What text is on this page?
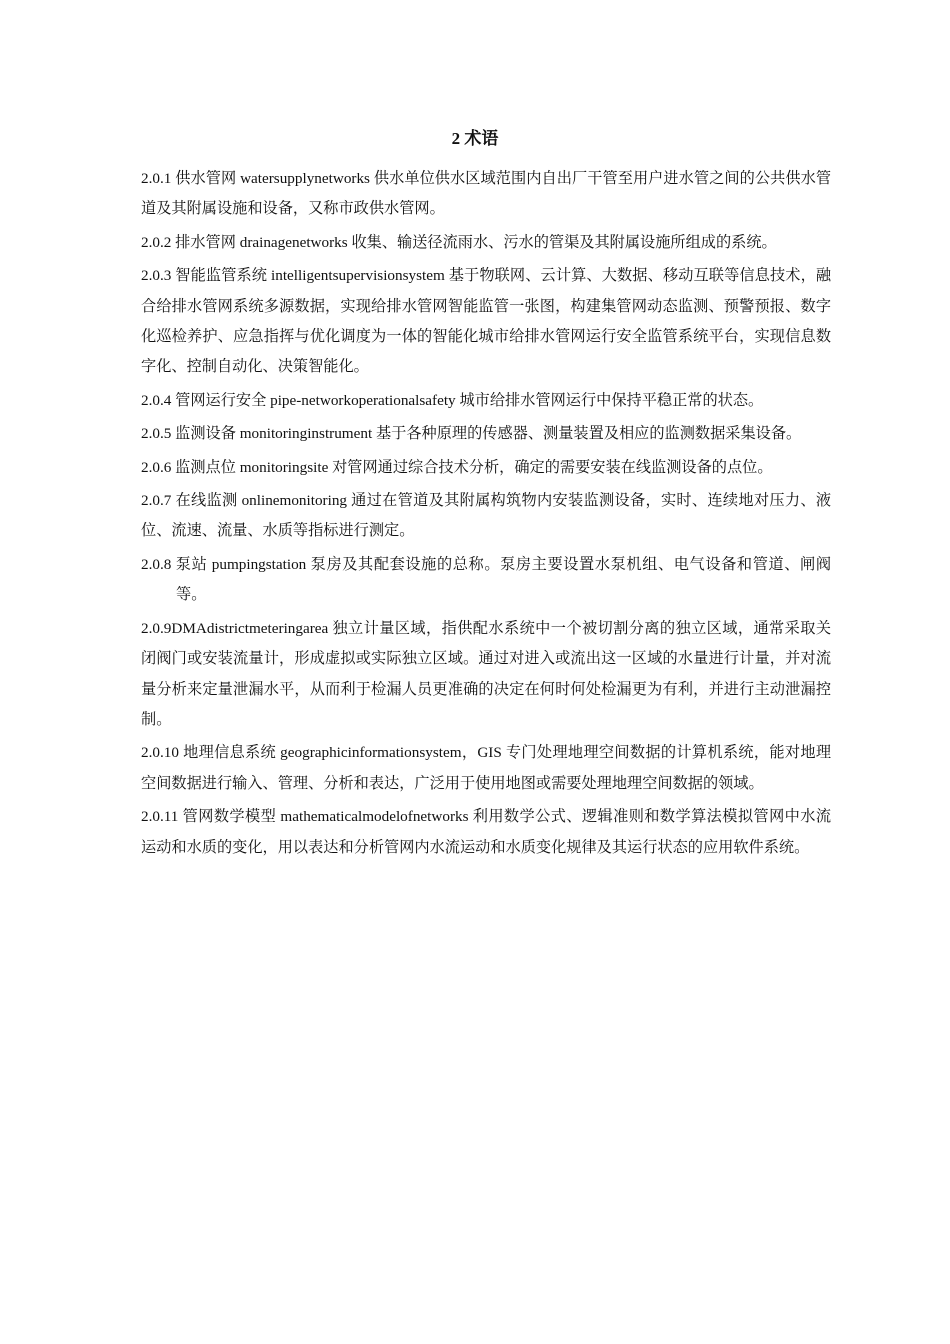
2 术语

2.0.1 供水管网 watersupplynetworks 供水单位供水区域范围内自出厂干管至用户进水管之间的公共供水管道及其附属设施和设备，又称市政供水管网。

2.0.2 排水管网 drainagenetworks 收集、输送径流雨水、污水的管渠及其附属设施所组成的系统。

2.0.3 智能监管系统 intelligentsupervisionsystem 基于物联网、云计算、大数据、移动互联等信息技术，融合给排水管网系统多源数据，实现给排水管网智能监管一张图，构建集管网动态监测、预警预报、数字化巡检养护、应急指挥与优化调度为一体的智能化城市给排水管网运行安全监管系统平台，实现信息数字化、控制自动化、决策智能化。

2.0.4 管网运行安全 pipe-networkoperationalsafety 城市给排水管网运行中保持平稳正常的状态。

2.0.5 监测设备 monitoringinstrument 基于各种原理的传感器、测量装置及相应的监测数据采集设备。

2.0.6 监测点位 monitoringsite 对管网通过综合技术分析，确定的需要安装在线监测设备的点位。

2.0.7 在线监测 onlinemonitoring 通过在管道及其附属构筑物内安装监测设备，实时、连续地对压力、液位、流速、流量、水质等指标进行测定。

2.0.8 泵站 pumpingstation 泵房及其配套设施的总称。泵房主要设置水泵机组、电气设备和管道、闸阀等。

2.0.9DMAdistrictmeteringarea 独立计量区域，指供配水系统中一个被切割分离的独立区域，通常采取关闭阀门或安装流量计，形成虚拟或实际独立区域。通过对进入或流出这一区域的水量进行计量，并对流量分析来定量泄漏水平，从而利于检漏人员更准确的决定在何时何处检漏更为有利，并进行主动泄漏控制。

2.0.10 地理信息系统 geographicinformationsystem，GIS 专门处理地理空间数据的计算机系统，能对地理空间数据进行输入、管理、分析和表达，广泛用于使用地图或需要处理地理空间数据的领域。

2.0.11 管网数学模型 mathematicalmodelofnetworks 利用数学公式、逻辑准则和数学算法模拟管网中水流运动和水质的变化，用以表达和分析管网内水流运动和水质变化规律及其运行状态的应用软件系统。
